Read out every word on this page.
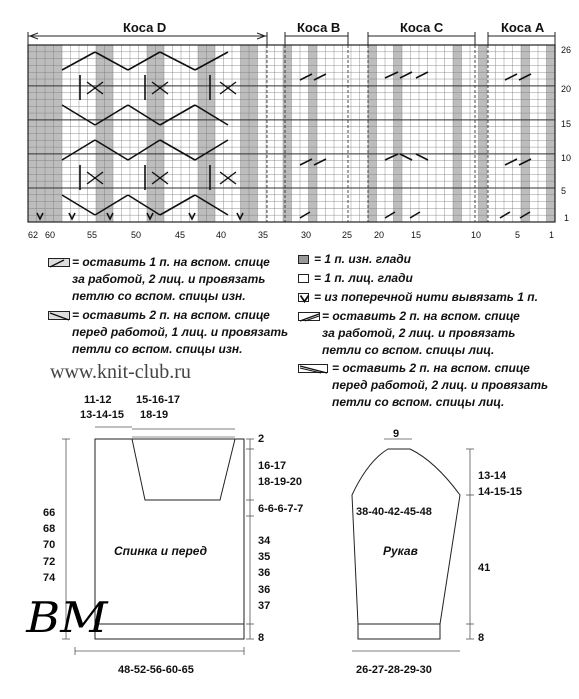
Коса D	Коса B	Коса C	Коса A
26
20
15
10
5
1
62 60	55	50	45	40	35	30	25 20	15	10	5	1
= оставить 1 п. на вспом. спице
за работой, 2 лиц. и провязать
петлю со вспом. спицы изн.
= оставить 2 п. на вспом. спице
перед работой, 1 лиц. и провязать
петли со вспом. спицы изн.
= 1 п. изн. глади
= 1 п. лиц. глади
= из поперечной нити вывязать 1 п.
= оставить 2 п. на вспом. спице
за работой, 2 лиц. и провязать
петли со вспом. спицы лиц.
= оставить 2 п. на вспом. спице
перед работой, 2 лиц. и провязать
петли со вспом. спицы лиц.
www.knit-club.ru
11-12
13-14-15
15-16-17
18-19
2
16-17
18-19-20
6-6-6-7-7
34
35
36
36
37
8
66
68
70
72
74
Спинка и перед
48-52-56-60-65
9
13-14
14-15-15
38-40-42-45-48
Рукав
41
8
26-27-28-29-30
BM
